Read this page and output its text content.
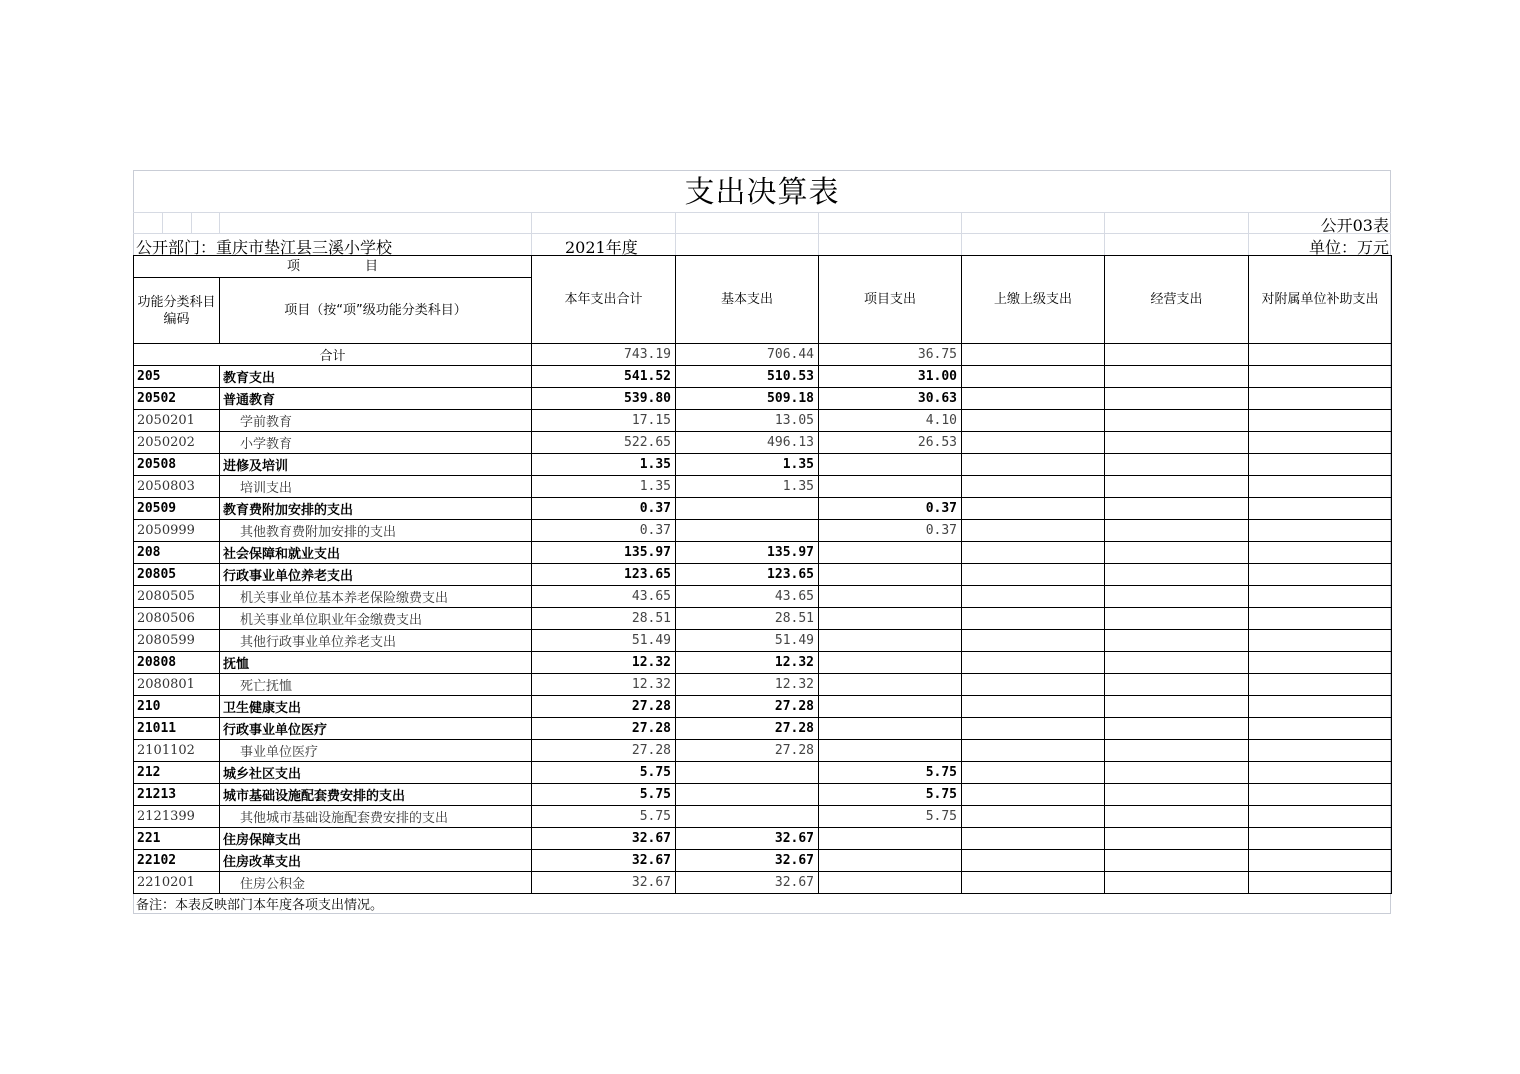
支出决算表
公开03表
公开部门：重庆市垫江县三溪小学校	2021年度	单位：万元
项　　　　　目		本年支出合计	基本支出	项目支出	上缴上级支出	经营支出	对附属单位补助支出
功能分类科目编码	项目（按“项”级功能分类科目）						
合计		743.19	706.44	36.75			
205	教育支出	541.52	510.53	31.00			
20502	普通教育	539.80	509.18	30.63			
2050201	学前教育	17.15	13.05	4.10			
2050202	小学教育	522.65	496.13	26.53			
20508	进修及培训	1.35	1.35				
2050803	培训支出	1.35	1.35				
20509	教育费附加安排的支出	0.37		0.37			
2050999	其他教育费附加安排的支出	0.37		0.37			
208	社会保障和就业支出	135.97	135.97				
20805	行政事业单位养老支出	123.65	123.65				
2080505	机关事业单位基本养老保险缴费支出	43.65	43.65				
2080506	机关事业单位职业年金缴费支出	28.51	28.51				
2080599	其他行政事业单位养老支出	51.49	51.49				
20808	抚恤	12.32	12.32				
2080801	死亡抚恤	12.32	12.32				
210	卫生健康支出	27.28	27.28				
21011	行政事业单位医疗	27.28	27.28				
2101102	事业单位医疗	27.28	27.28				
212	城乡社区支出	5.75		5.75			
21213	城市基础设施配套费安排的支出	5.75		5.75			
2121399	其他城市基础设施配套费安排的支出	5.75		5.75			
221	住房保障支出	32.67	32.67				
22102	住房改革支出	32.67	32.67				
2210201	住房公积金	32.67	32.67				
备注：本表反映部门本年度各项支出情况。
